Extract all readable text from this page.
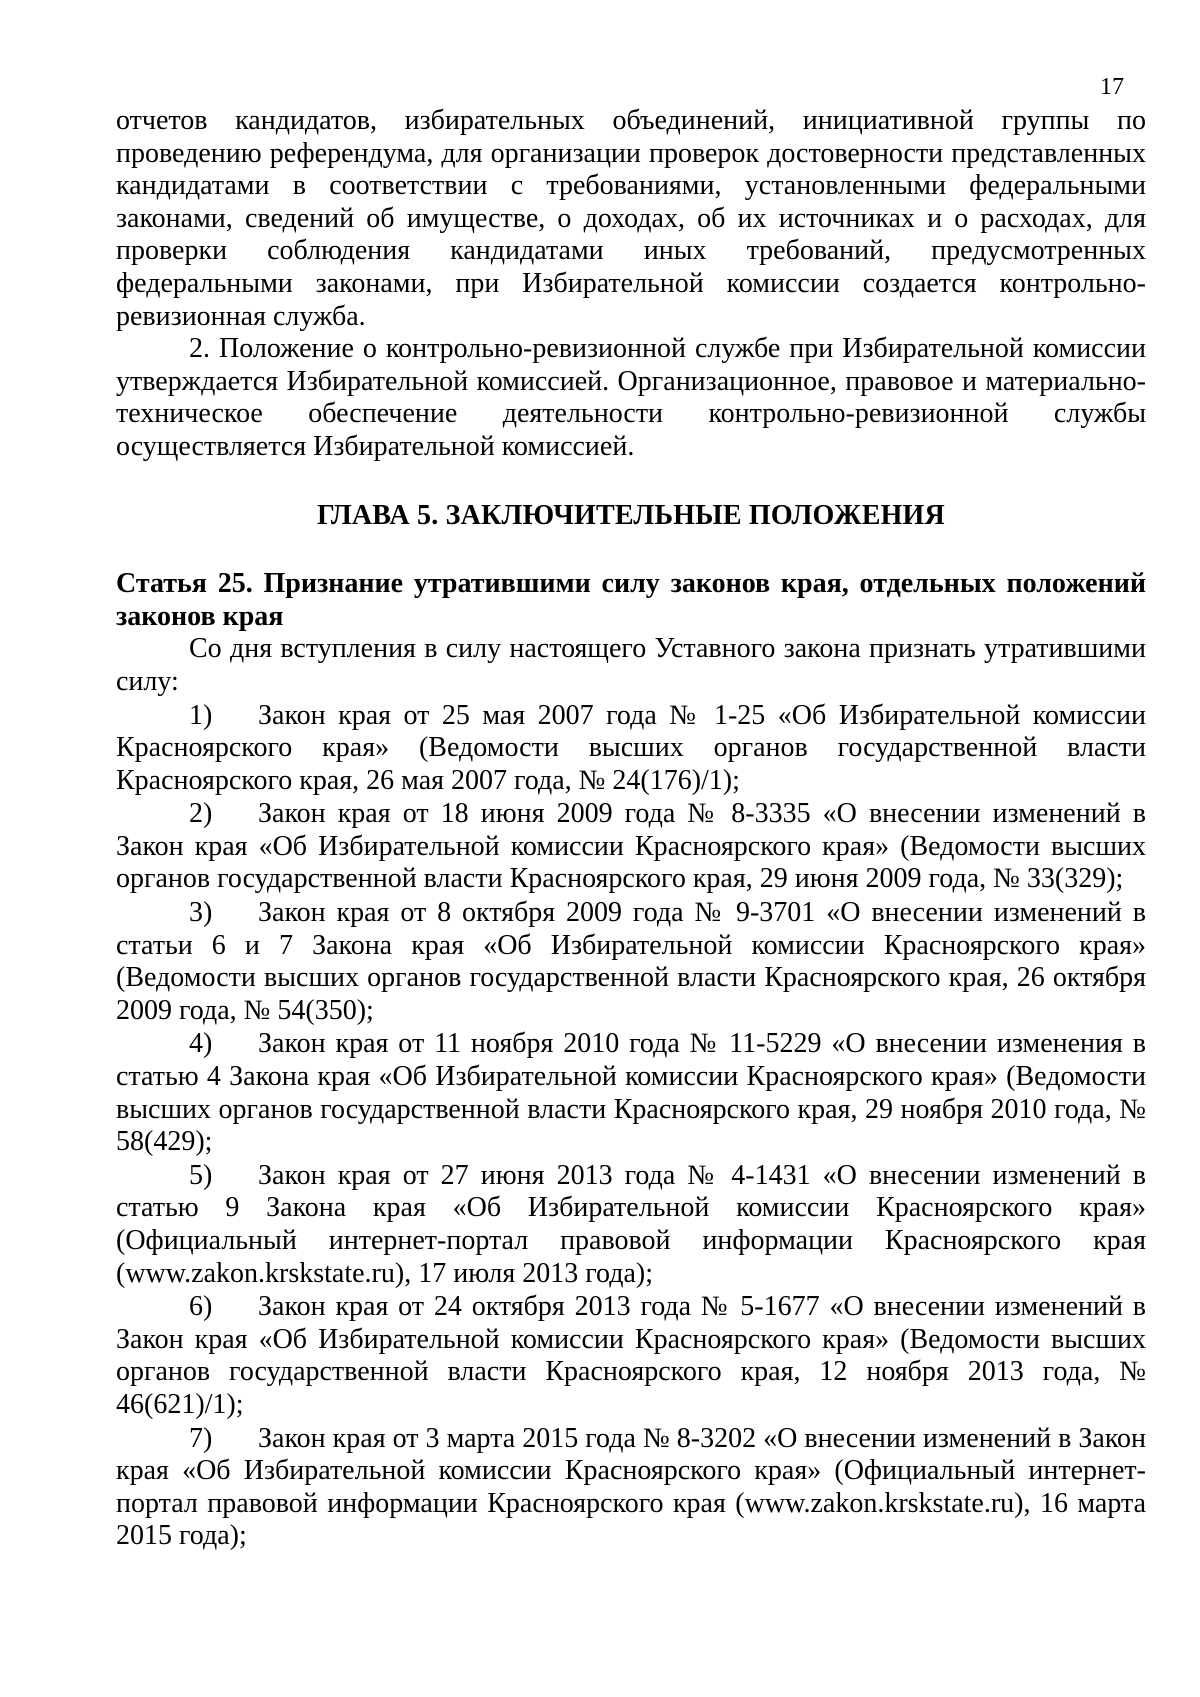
17

отчетов кандидатов, избирательных объединений, инициативной группы по проведению референдума, для организации проверок достоверности представленных кандидатами в соответствии с требованиями, установленными федеральными законами, сведений об имуществе, о доходах, об их источниках и о расходах, для проверки соблюдения кандидатами иных требований, предусмотренных федеральными законами, при Избирательной комиссии создается контрольно-ревизионная служба.

2. Положение о контрольно-ревизионной службе при Избирательной комиссии утверждается Избирательной комиссией. Организационное, правовое и материально-техническое обеспечение деятельности контрольно-ревизионной службы осуществляется Избирательной комиссией.

ГЛАВА 5. ЗАКЛЮЧИТЕЛЬНЫЕ ПОЛОЖЕНИЯ

Статья 25. Признание утратившими силу законов края, отдельных положений законов края

Со дня вступления в силу настоящего Уставного закона признать утратившими силу:

1) Закон края от 25 мая 2007 года № 1-25 «Об Избирательной комиссии Красноярского края» (Ведомости высших органов государственной власти Красноярского края, 26 мая 2007 года, № 24(176)/1);

2) Закон края от 18 июня 2009 года № 8-3335 «О внесении изменений в Закон края «Об Избирательной комиссии Красноярского края» (Ведомости высших органов государственной власти Красноярского края, 29 июня 2009 года, № 33(329);

3) Закон края от 8 октября 2009 года № 9-3701 «О внесении изменений в статьи 6 и 7 Закона края «Об Избирательной комиссии Красноярского края» (Ведомости высших органов государственной власти Красноярского края, 26 октября 2009 года, № 54(350);

4) Закон края от 11 ноября 2010 года № 11-5229 «О внесении изменения в статью 4 Закона края «Об Избирательной комиссии Красноярского края» (Ведомости высших органов государственной власти Красноярского края, 29 ноября 2010 года, № 58(429);

5) Закон края от 27 июня 2013 года № 4-1431 «О внесении изменений в статью 9 Закона края «Об Избирательной комиссии Красноярского края» (Официальный интернет-портал правовой информации Красноярского края (www.zakon.krskstate.ru), 17 июля 2013 года);

6) Закон края от 24 октября 2013 года № 5-1677 «О внесении изменений в Закон края «Об Избирательной комиссии Красноярского края» (Ведомости высших органов государственной власти Красноярского края, 12 ноября 2013 года, № 46(621)/1);

7) Закон края от 3 марта 2015 года № 8-3202 «О внесении изменений в Закон края «Об Избирательной комиссии Красноярского края» (Официальный интернет-портал правовой информации Красноярского края (www.zakon.krskstate.ru), 16 марта 2015 года);
